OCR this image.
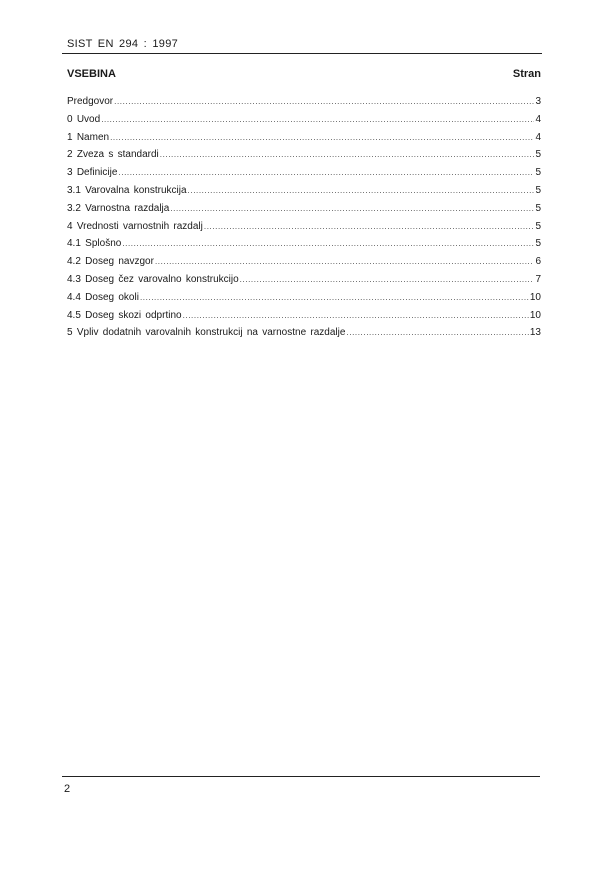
SIST EN 294 : 1997
VSEBINA	Stran
Predgovor .....	3
0 Uvod .....	4
1 Namen .....	4
2 Zveza s standardi .....	5
3 Definicije .....	5
3.1 Varovalna konstrukcija .....	5
3.2 Varnostna razdalja .....	5
4 Vrednosti varnostnih razdalj .....	5
4.1 Splošno .....	5
4.2 Doseg navzgor .....	6
4.3 Doseg čez varovalno konstrukcijo .....	7
4.4 Doseg okoli .....	10
4.5 Doseg skozi odprtino .....	10
5 Vpliv dodatnih varovalnih konstrukcij na varnostne razdalje .....	13
2
